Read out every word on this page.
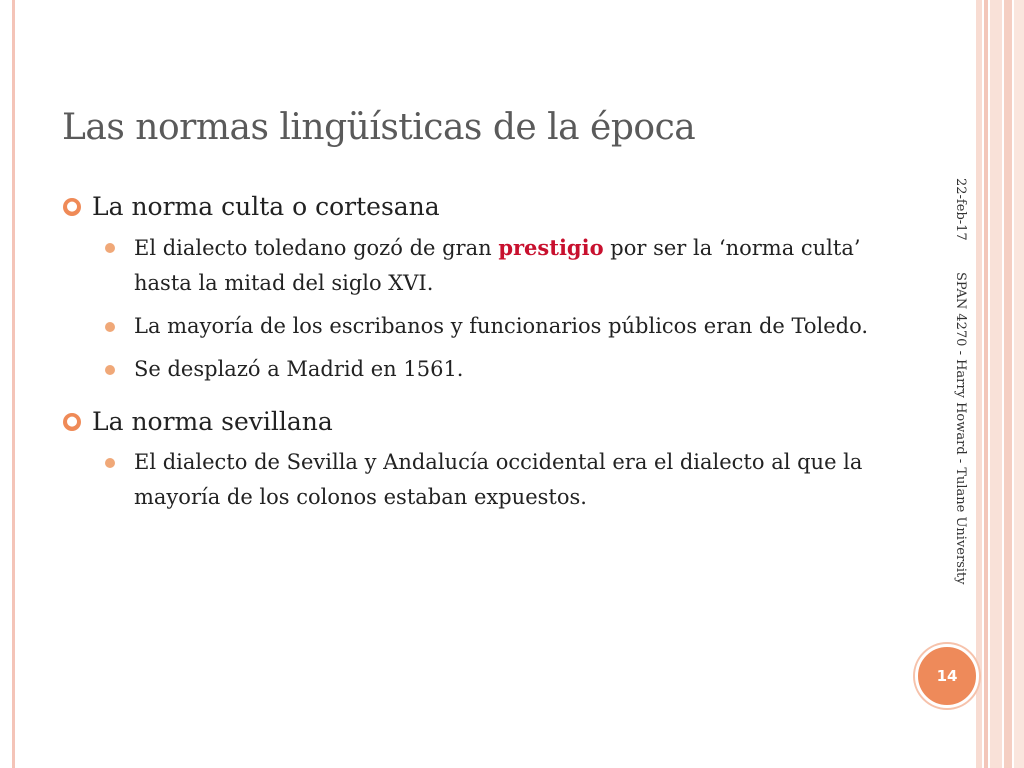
Las normas lingüísticas de la época
● La norma culta o cortesana
El dialecto toledano gozó de gran prestigio por ser la ‘norma culta’ hasta la mitad del siglo XVI.
La mayoría de los escribanos y funcionarios públicos eran de Toledo.
Se desplazó a Madrid en 1561.
● La norma sevillana
El dialecto de Sevilla y Andalucía occidental era el dialecto al que la mayoría de los colonos estaban expuestos.
22-feb-17
SPAN 4270 - Harry Howard - Tulane University
14
